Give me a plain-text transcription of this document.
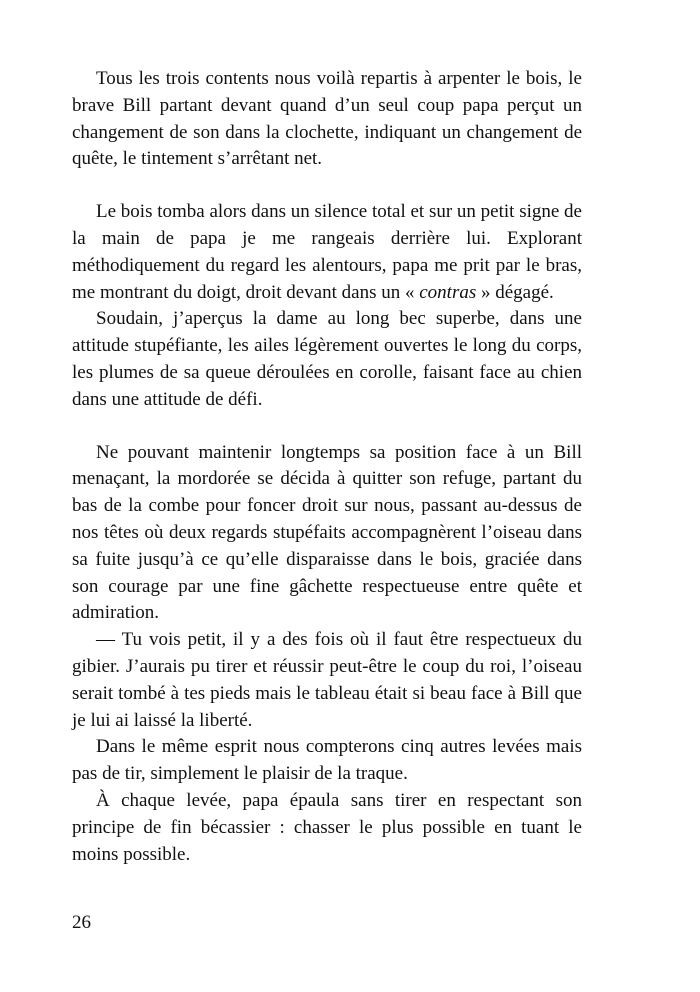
Tous les trois contents nous voilà repartis à arpenter le bois, le brave Bill partant devant quand d’un seul coup papa perçut un changement de son dans la clochette, indiquant un changement de quête, le tintement s’arrêtant net.

Le bois tomba alors dans un silence total et sur un petit signe de la main de papa je me rangeais derrière lui. Explorant méthodiquement du regard les alentours, papa me prit par le bras, me montrant du doigt, droit devant dans un « contras » dégagé.

Soudain, j’aperçus la dame au long bec superbe, dans une attitude stupéfiante, les ailes légèrement ouvertes le long du corps, les plumes de sa queue déroulées en corolle, faisant face au chien dans une attitude de défi.

Ne pouvant maintenir longtemps sa position face à un Bill menaçant, la mordorée se décida à quitter son refuge, partant du bas de la combe pour foncer droit sur nous, passant au-dessus de nos têtes où deux regards stupéfaits accompagnèrent l’oiseau dans sa fuite jusqu’à ce qu’elle disparaisse dans le bois, graciée dans son courage par une fine gâchette respectueuse entre quête et admiration.

— Tu vois petit, il y a des fois où il faut être respectueux du gibier. J’aurais pu tirer et réussir peut-être le coup du roi, l’oiseau serait tombé à tes pieds mais le tableau était si beau face à Bill que je lui ai laissé la liberté.

Dans le même esprit nous compterons cinq autres levées mais pas de tir, simplement le plaisir de la traque.

À chaque levée, papa épaula sans tirer en respectant son principe de fin bécassier : chasser le plus possible en tuant le moins possible.

26
